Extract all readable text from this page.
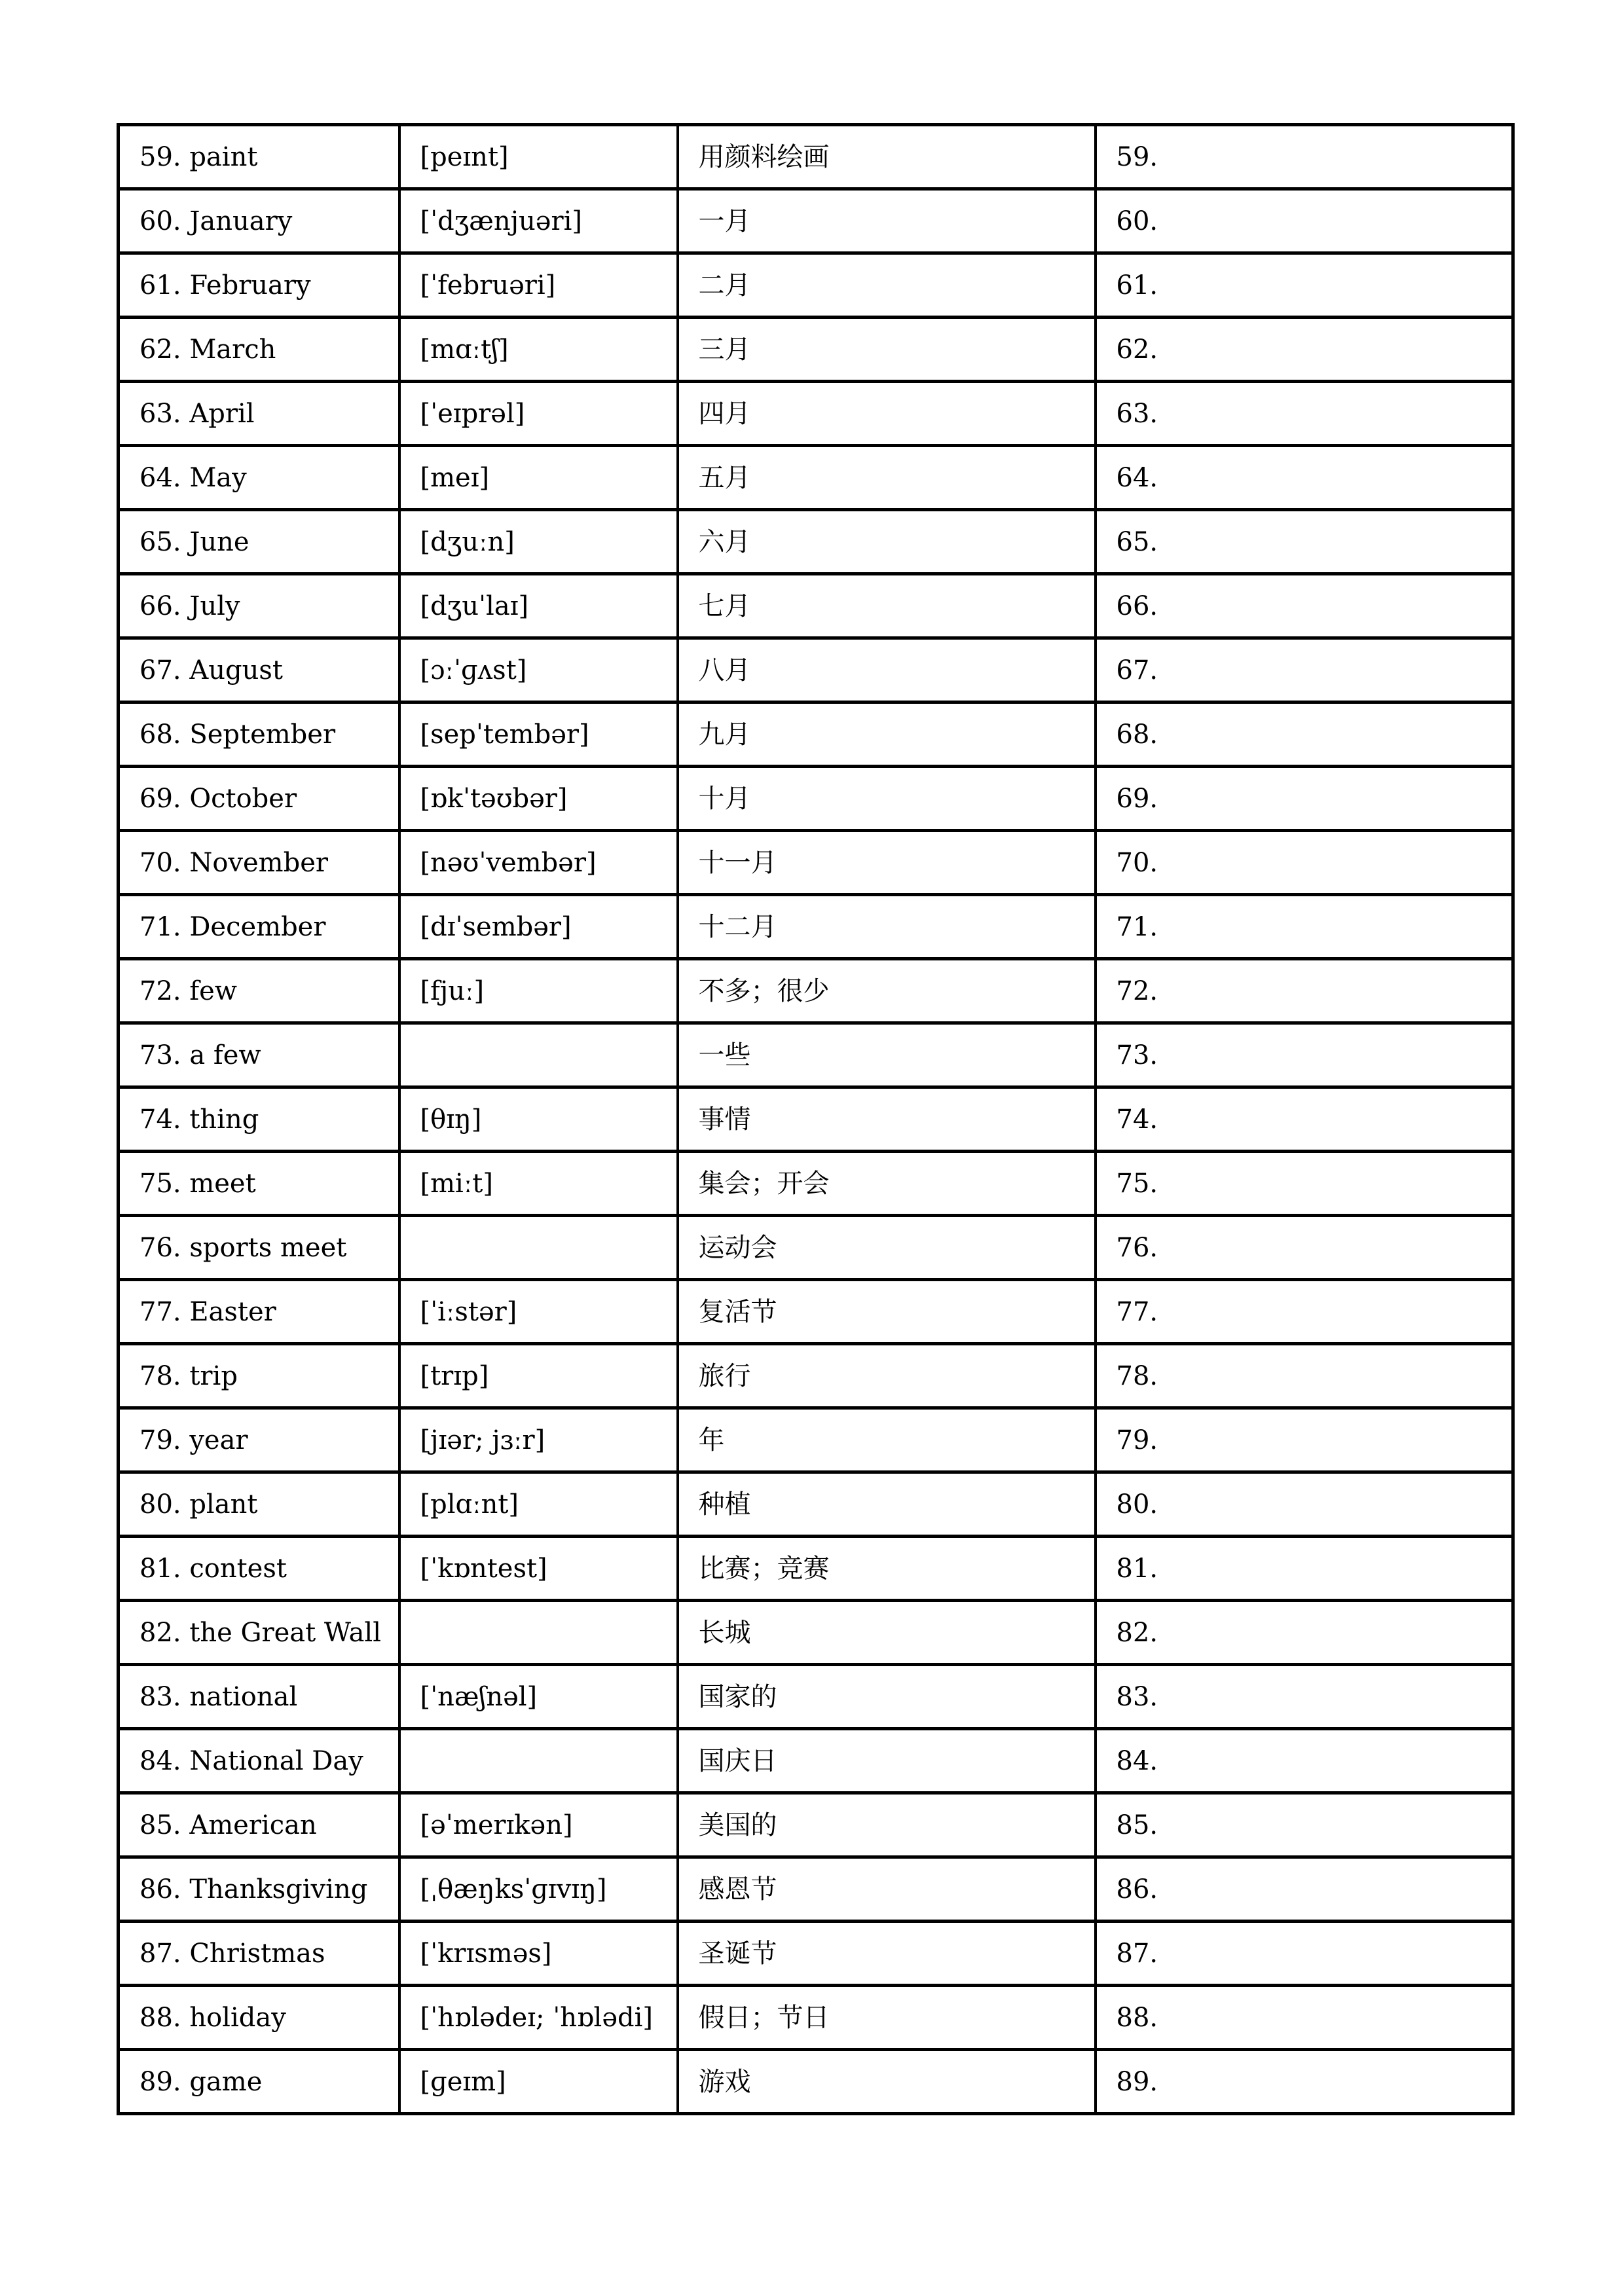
59. paint	[peɪnt]	用颜料绘画	59.
60. January	[ˈdʒænjuəri]	一月	60.
61. February	[ˈfebruəri]	二月	61.
62. March	[mɑːtʃ]	三月	62.
63. April	[ˈeɪprəl]	四月	63.
64. May	[meɪ]	五月	64.
65. June	[dʒuːn]	六月	65.
66. July	[dʒuˈlaɪ]	七月	66.
67. August	[ɔːˈɡʌst]	八月	67.
68. September	[sepˈtembər]	九月	68.
69. October	[ɒkˈtəʊbər]	十月	69.
70. November	[nəʊˈvembər]	十一月	70.
71. December	[dɪˈsembər]	十二月	71.
72. few	[fjuː]	不多；很少	72.
73. a few		一些	73.
74. thing	[θɪŋ]	事情	74.
75. meet	[miːt]	集会；开会	75.
76. sports meet		运动会	76.
77. Easter	[ˈiːstər]	复活节	77.
78. trip	[trɪp]	旅行	78.
79. year	[jɪər; jɜːr]	年	79.
80. plant	[plɑːnt]	种植	80.
81. contest	[ˈkɒntest]	比赛；竞赛	81.
82. the Great Wall		长城	82.
83. national	[ˈnæʃnəl]	国家的	83.
84. National Day		国庆日	84.
85. American	[əˈmerɪkən]	美国的	85.
86. Thanksgiving	[ˌθæŋksˈɡɪvɪŋ]	感恩节	86.
87. Christmas	[ˈkrɪsməs]	圣诞节	87.
88. holiday	[ˈhɒlədeɪ; ˈhɒlədi]	假日；节日	88.
89. game	[ɡeɪm]	游戏	89.
